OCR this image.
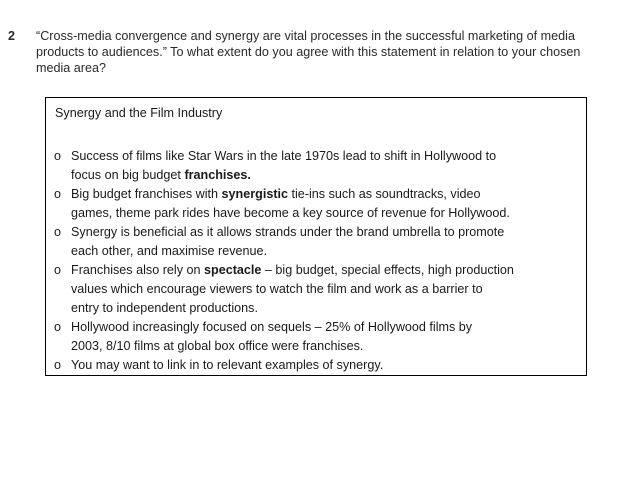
2 “Cross-media convergence and synergy are vital processes in the successful marketing of media
products to audiences.” To what extent do you agree with this statement in relation to your chosen
media area?
Synergy and the Film Industry
o Success of films like Star Wars in the late 1970s lead to shift in Hollywood to
focus on big budget franchises.
o Big budget franchises with synergistic tie-ins such as soundtracks, video
games, theme park rides have become a key source of revenue for Hollywood.
o Synergy is beneficial as it allows strands under the brand umbrella to promote
each other, and maximise revenue.
o Franchises also rely on spectacle – big budget, special effects, high production
values which encourage viewers to watch the film and work as a barrier to
entry to independent productions.
o Hollywood increasingly focused on sequels – 25% of Hollywood films by
2003, 8/10 films at global box office were franchises.
o You may want to link in to relevant examples of synergy.
